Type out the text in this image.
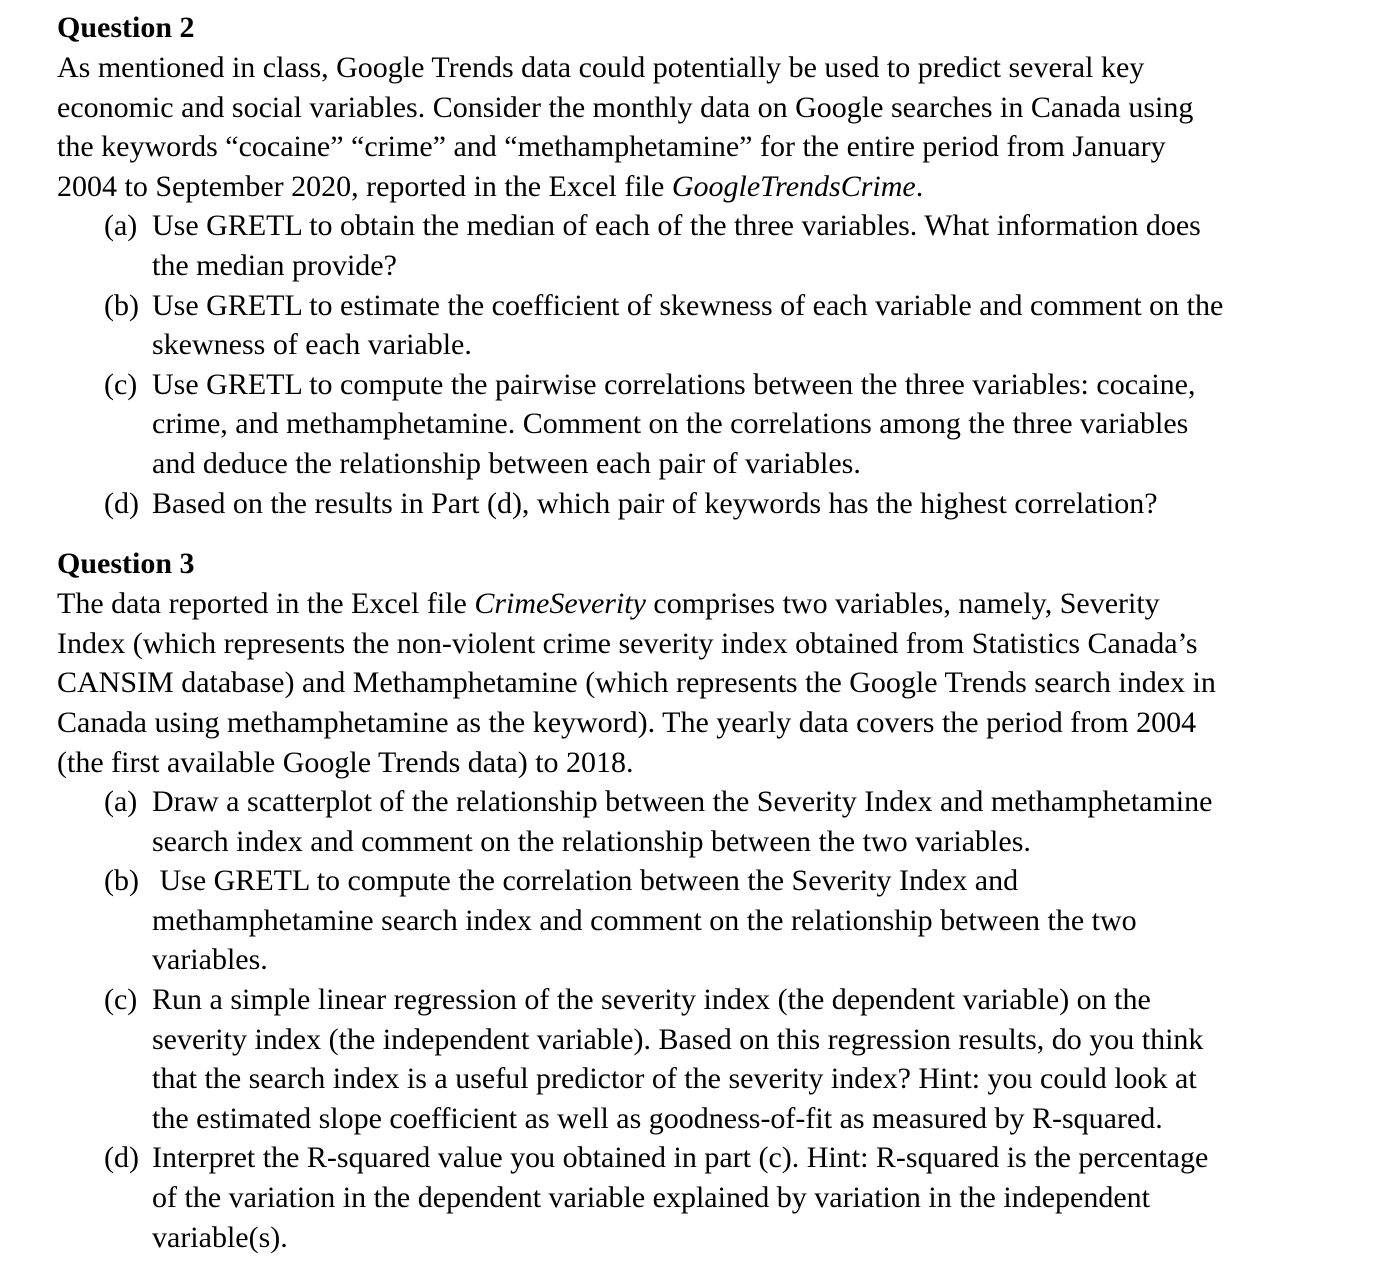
Question 2
As mentioned in class, Google Trends data could potentially be used to predict several key
economic and social variables. Consider the monthly data on Google searches in Canada using
the keywords “cocaine” “crime” and “methamphetamine” for the entire period from January
2004 to September 2020, reported in the Excel file GoogleTrendsCrime.
(a) Use GRETL to obtain the median of each of the three variables. What information does
the median provide?
(b) Use GRETL to estimate the coefficient of skewness of each variable and comment on the
skewness of each variable.
(c) Use GRETL to compute the pairwise correlations between the three variables: cocaine,
crime, and methamphetamine. Comment on the correlations among the three variables
and deduce the relationship between each pair of variables.
(d) Based on the results in Part (d), which pair of keywords has the highest correlation?
Question 3
The data reported in the Excel file CrimeSeverity comprises two variables, namely, Severity
Index (which represents the non-violent crime severity index obtained from Statistics Canada’s
CANSIM database) and Methamphetamine (which represents the Google Trends search index in
Canada using methamphetamine as the keyword). The yearly data covers the period from 2004
(the first available Google Trends data) to 2018.
(a) Draw a scatterplot of the relationship between the Severity Index and methamphetamine
search index and comment on the relationship between the two variables.
(b) Use GRETL to compute the correlation between the Severity Index and
methamphetamine search index and comment on the relationship between the two
variables.
(c) Run a simple linear regression of the severity index (the dependent variable) on the
severity index (the independent variable). Based on this regression results, do you think
that the search index is a useful predictor of the severity index? Hint: you could look at
the estimated slope coefficient as well as goodness-of-fit as measured by R-squared.
(d) Interpret the R-squared value you obtained in part (c). Hint: R-squared is the percentage
of the variation in the dependent variable explained by variation in the independent
variable(s).
